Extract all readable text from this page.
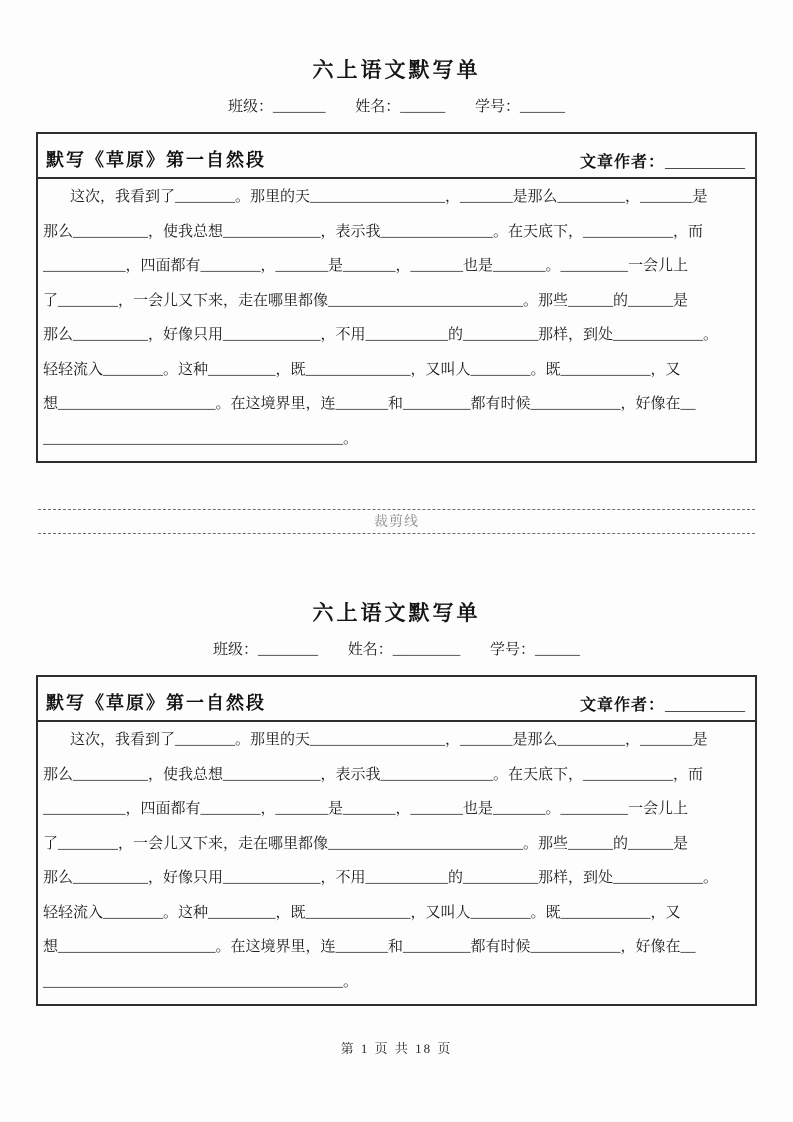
六上语文默写单
班级：_______ 姓名：______ 学号：______
默写《草原》第一自然段	文章作者：__________
这次，我看到了________。那里的天__________________，_______是那么_________，_______是
那么__________，使我总想_____________，表示我_______________。在天底下，____________，而
___________，四面都有________，_______是_______，_______也是_______。_________一会儿上
了________，一会儿又下来，走在哪里都像__________________________。那些______的______是
那么__________，好像只用_____________，不用___________的__________那样，到处____________。
轻轻流入________。这种_________，既______________，又叫人________。既____________，又
想_____________________。在这境界里，连_______和_________都有时候____________，好像在__
________________________________________。
裁剪线
六上语文默写单
班级：________ 姓名：_________ 学号：______
默写《草原》第一自然段	文章作者：__________
这次，我看到了________。那里的天__________________，_______是那么_________，_______是
那么__________，使我总想_____________，表示我_______________。在天底下，____________，而
___________，四面都有________，_______是_______，_______也是_______。_________一会儿上
了________，一会儿又下来，走在哪里都像__________________________。那些______的______是
那么__________，好像只用_____________，不用___________的__________那样，到处____________。
轻轻流入________。这种_________，既______________，又叫人________。既____________，又
想_____________________。在这境界里，连_______和_________都有时候____________，好像在__
________________________________________。
第 1 页 共 18 页
